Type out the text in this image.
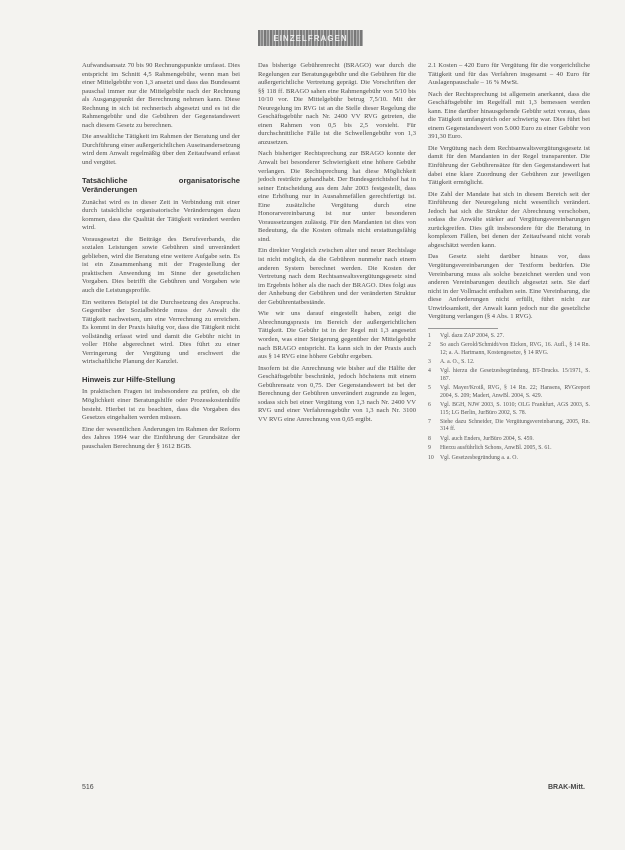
EINZELFRAGEN

Aufwandsansatz 70 bis 90 Rechnungspunkte umfasst. Dies entspricht im Schnitt 4,5 Rahmengebühr, wenn man bei einer Mittelgebühr von 1,3 ansetzt und dass das Bundesamt pauschal immer nur die Mittelgebühr nach der Rechnung als Ausgangspunkt der Berechnung nehmen kann. Diese Rechnung in sich ist rechnerisch abgesetzt und es ist die Rahmengebühr und die Gebühren der Gegenstandswert nach diesem Gesetz zu berechnen.

Die anwaltliche Tätigkeit im Rahmen der Beratung und der Durchführung einer außergerichtlichen Auseinandersetzung wird dem Anwalt regelmäßig über den Zeitaufwand erfasst und vergütet.

Tatsächliche organisatorische Veränderungen

Zunächst wird es in dieser Zeit in Verbindung mit einer durch tatsächliche organisatorische Veränderungen dazu kommen, dass die Qualität der Tätigkeit verändert werden wird.

Vorausgesetzt die Beiträge des Berufsverbands, die sozialen Leistungen sowie Gebühren sind unverändert geblieben, wird die Beratung eine weitere Aufgabe sein. Es ist ein Zusammenhang mit der Fragestellung der praktischen Anwendung im Sinne der gesetzlichen Vorgaben. Dies betrifft die Gebühren und Vorgaben wie auch die Leistungsprofile.

Ein weiteres Beispiel ist die Durchsetzung des Anspruchs. Gegenüber der Sozialbehörde muss der Anwalt die Tätigkeit nachweisen, um eine Verrechnung zu erreichen. Es kommt in der Praxis häufig vor, dass die Tätigkeit nicht vollständig erfasst wird und damit die Gebühr nicht in voller Höhe abgerechnet wird. Dies führt zu einer Verringerung der Vergütung und erschwert die wirtschaftliche Planung der Kanzlei.

Hinweis zur Hilfe-Stellung

In praktischen Fragen ist insbesondere zu prüfen, ob die Möglichkeit einer Beratungshilfe oder Prozesskostenhilfe besteht. Hierbei ist zu beachten, dass die Vorgaben des Gesetzes eingehalten werden müssen.

Eine der wesentlichen Änderungen im Rahmen der Reform des Jahres 1994 war die Einführung der Grundsätze der pauschalen Berechnung der § 1612 BGB.

Das bisherige Gebührenrecht (BRAGO) war durch die Regelungen zur Beratungsgebühr und die Gebühren für die außergerichtliche Vertretung geprägt. Die Vorschriften der §§ 118 ff. BRAGO sahen eine Rahmengebühr von 5/10 bis 10/10 vor. Die Mittelgebühr betrug 7,5/10. Mit der Neuregelung im RVG ist an die Stelle dieser Regelung die Geschäftsgebühr nach Nr. 2400 VV RVG getreten, die einen Rahmen von 0,5 bis 2,5 vorsieht. Für durchschnittliche Fälle ist die Schwellengebühr von 1,3 anzusetzen.

Nach bisheriger Rechtsprechung zur BRAGO konnte der Anwalt bei besonderer Schwierigkeit eine höhere Gebühr verlangen. Die Rechtsprechung hat diese Möglichkeit jedoch restriktiv gehandhabt. Der Bundesgerichtshof hat in seiner Entscheidung aus dem Jahr 2003 festgestellt, dass eine Erhöhung nur in Ausnahmefällen gerechtfertigt ist. Eine zusätzliche Vergütung durch eine Honorarvereinbarung ist nur unter besonderen Voraussetzungen zulässig. Für den Mandanten ist dies von Bedeutung, da die Kosten oftmals nicht erstattungsfähig sind.

Ein direkter Vergleich zwischen alter und neuer Rechtslage ist nicht möglich, da die Gebühren nunmehr nach einem anderen System berechnet werden. Die Kosten der Vertretung nach dem Rechtsanwaltsvergütungsgesetz sind im Ergebnis höher als die nach der BRAGO. Dies folgt aus der Anhebung der Gebühren und der veränderten Struktur der Gebührentatbestände.

Wie wir uns darauf eingestellt haben, zeigt die Abrechnungspraxis im Bereich der außergerichtlichen Tätigkeit. Die Gebühr ist in der Regel mit 1,3 angesetzt worden, was einer Steigerung gegenüber der Mittelgebühr nach BRAGO entspricht. Es kann sich in der Praxis auch aus § 14 RVG eine höhere Gebühr ergeben.

Insofern ist die Anrechnung wie bisher auf die Hälfte der Geschäftsgebühr beschränkt, jedoch höchstens mit einem Gebührensatz von 0,75. Der Gegenstandswert ist bei der Berechnung der Gebühren unverändert zugrunde zu legen, sodass sich bei einer Vergütung von 1,3 nach Nr. 2400 VV RVG und einer Verfahrensgebühr von 1,3 nach Nr. 3100 VV RVG eine Anrechnung von 0,65 ergibt.

2.1 Kosten – 420 Euro für Vergütung für die vorgerichtliche Tätigkeit und für das Verfahren insgesamt – 40 Euro für Auslagenpauschale – 16 % MwSt.

Nach der Rechtsprechung ist allgemein anerkannt, dass die Geschäftsgebühr im Regelfall mit 1,3 bemessen werden kann. Eine darüber hinausgehende Gebühr setzt voraus, dass die Tätigkeit umfangreich oder schwierig war. Dies führt bei einem Gegenstandswert von 5.000 Euro zu einer Gebühr von 391,30 Euro.

Die Vergütung nach dem Rechtsanwaltsvergütungsgesetz ist damit für den Mandanten in der Regel transparenter. Die Einführung der Gebührensätze für den Gegenstandswert hat dabei eine klare Zuordnung der Gebühren zur jeweiligen Tätigkeit ermöglicht.

Die Zahl der Mandate hat sich in diesem Bereich seit der Einführung der Neuregelung nicht wesentlich verändert. Jedoch hat sich die Struktur der Abrechnung verschoben, sodass die Anwälte stärker auf Vergütungsvereinbarungen zurückgreifen. Dies gilt insbesondere für die Beratung in komplexen Fällen, bei denen der Zeitaufwand nicht vorab abgeschätzt werden kann.

Das Gesetz sieht darüber hinaus vor, dass Vergütungsvereinbarungen der Textform bedürfen. Die Vereinbarung muss als solche bezeichnet werden und von anderen Vereinbarungen deutlich abgesetzt sein. Sie darf nicht in der Vollmacht enthalten sein. Eine Vereinbarung, die diese Anforderungen nicht erfüllt, führt nicht zur Unwirksamkeit, der Anwalt kann jedoch nur die gesetzliche Vergütung verlangen (§ 4 Abs. 1 RVG).

1	Vgl. dazu ZAP 2004, S. 27.
2	So auch Gerold/Schmidt/von Eicken, RVG, 16. Aufl., § 14 Rn. 12; a. A. Hartmann, Kostengesetze, § 14 RVG.
3	A. a. O., S. 12.
4	Vgl. hierzu die Gesetzesbegründung, BT-Drucks. 15/1971, S. 187.
5	Vgl. Mayer/Kroiß, RVG, § 14 Rn. 22; Hansens, RVGreport 2004, S. 209; Madert, AnwBl. 2004, S. 429.
6	Vgl. BGH, NJW 2003, S. 1010; OLG Frankfurt, AGS 2003, S. 115; LG Berlin, JurBüro 2002, S. 78.
7	Siehe dazu Schneider, Die Vergütungsvereinbarung, 2005, Rn. 314 ff.
8	Vgl. auch Enders, JurBüro 2004, S. 459.
9	Hierzu ausführlich Schons, AnwBl. 2005, S. 61.
10	Vgl. Gesetzesbegründung a. a. O.
516	BRAK-Mitt.
